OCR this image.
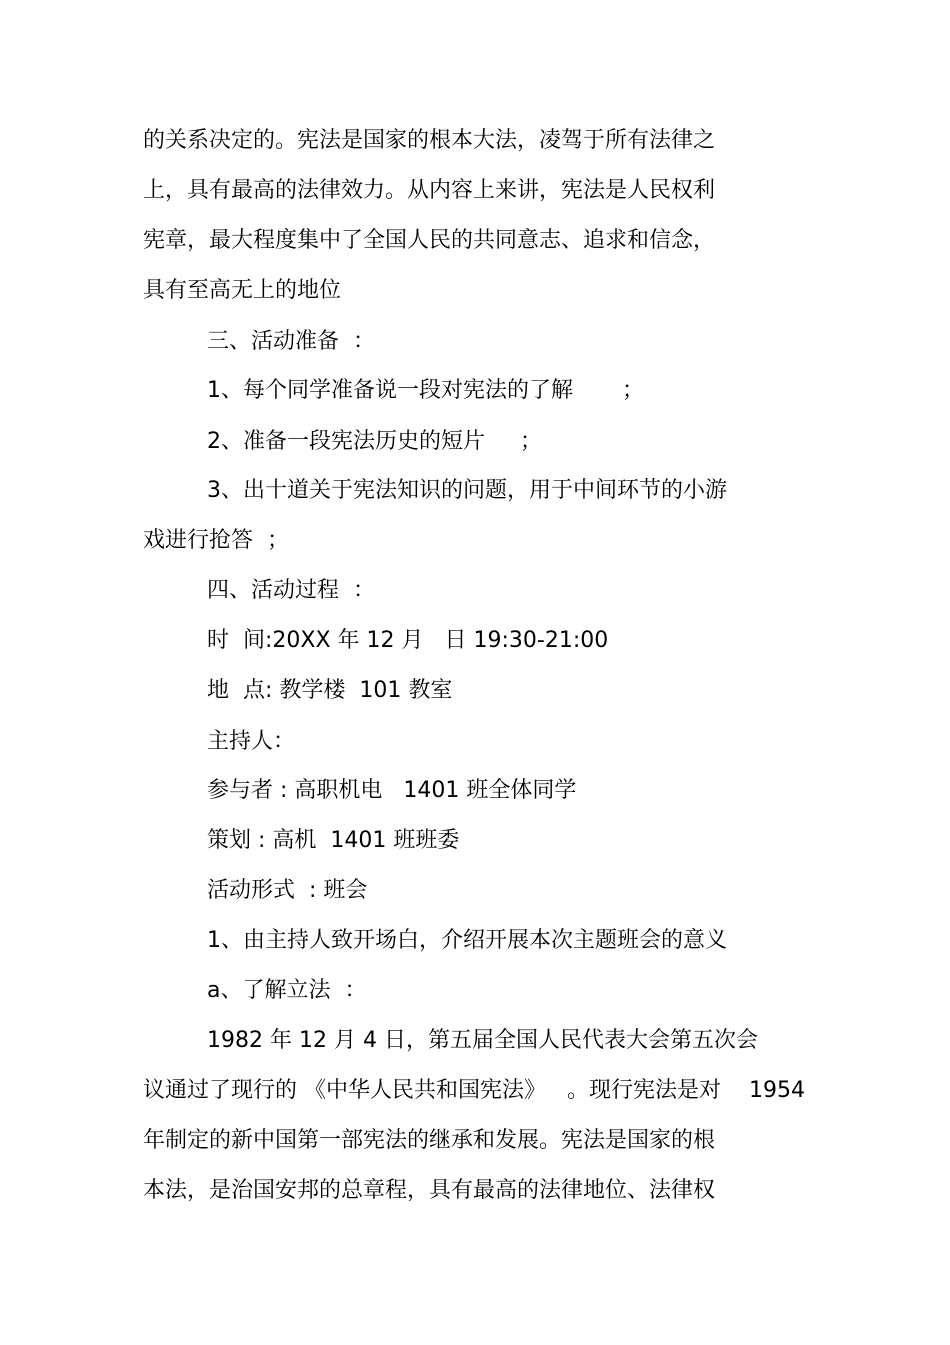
的关系决定的。宪法是国家的根本大法，凌驾于所有法律之
上，具有最高的法律效力。从内容上来讲，宪法是人民权利
宪章，最大程度集中了全国人民的共同意志、追求和信念，
具有至高无上的地位
三、活动准备  ：
1、每个同学准备说一段对宪法的了解       ；
2、准备一段宪法历史的短片     ；
3、出十道关于宪法知识的问题，用于中间环节的小游
戏进行抢答  ；
四、活动过程  ：
时  间:20XX 年 12 月   日 19:30-21:00
地  点: 教学楼  101 教室
主持人：
参与者 : 高职机电   1401 班全体同学
策划 : 高机  1401 班班委
活动形式  : 班会
1、由主持人致开场白，介绍开展本次主题班会的意义
a、了解立法  ：
1982 年 12 月 4 日，第五届全国人民代表大会第五次会
议通过了现行的 《中华人民共和国宪法》   。现行宪法是对    1954
年制定的新中国第一部宪法的继承和发展。宪法是国家的根
本法，是治国安邦的总章程，具有最高的法律地位、法律权
